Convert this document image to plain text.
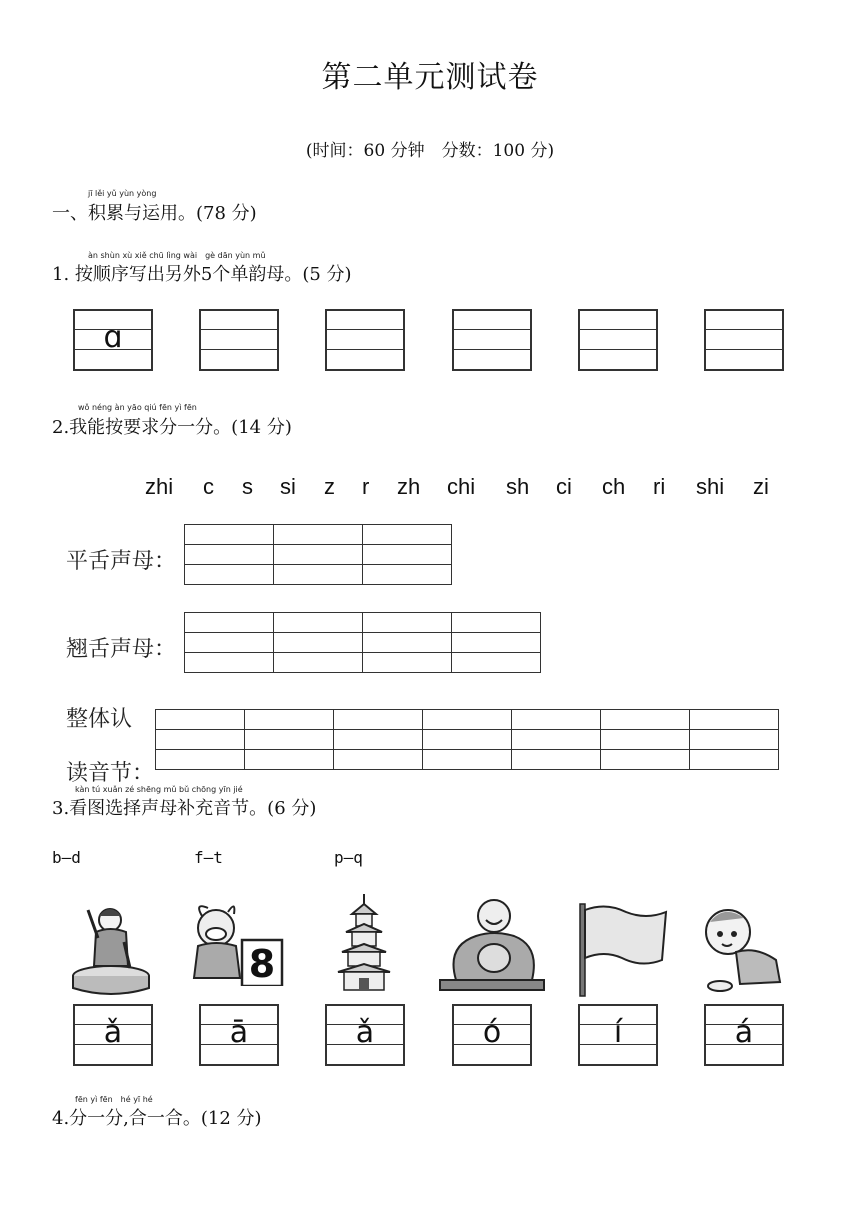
第二单元测试卷
(时间：60 分钟　分数：100 分)
jī lěi yǔ yùn yòng
一、积累与运用。(78 分)
àn shùn xù xiě chū lìng wài　gè dān yùn mǔ
1. 按顺序写出另外5个单韵母。(5 分)
ɑ
wǒ néng àn yāo qiú fēn yì fēn
2.我能按要求分一分。(14 分)
zhi c s si z r zh chi sh ci ch ri shi zi
平舌声母：

翘舌声母：

整体认
读音节：

kàn tú xuǎn zé shēng mǔ bǔ chōng yīn jié
3.看图选择声母补充音节。(6 分)
b—d	f—t	p—q
8
ǎ	ā	ǎ	ó	í	á
fēn yì fēn　hé yī hé
4.分一分,合一合。(12 分)
